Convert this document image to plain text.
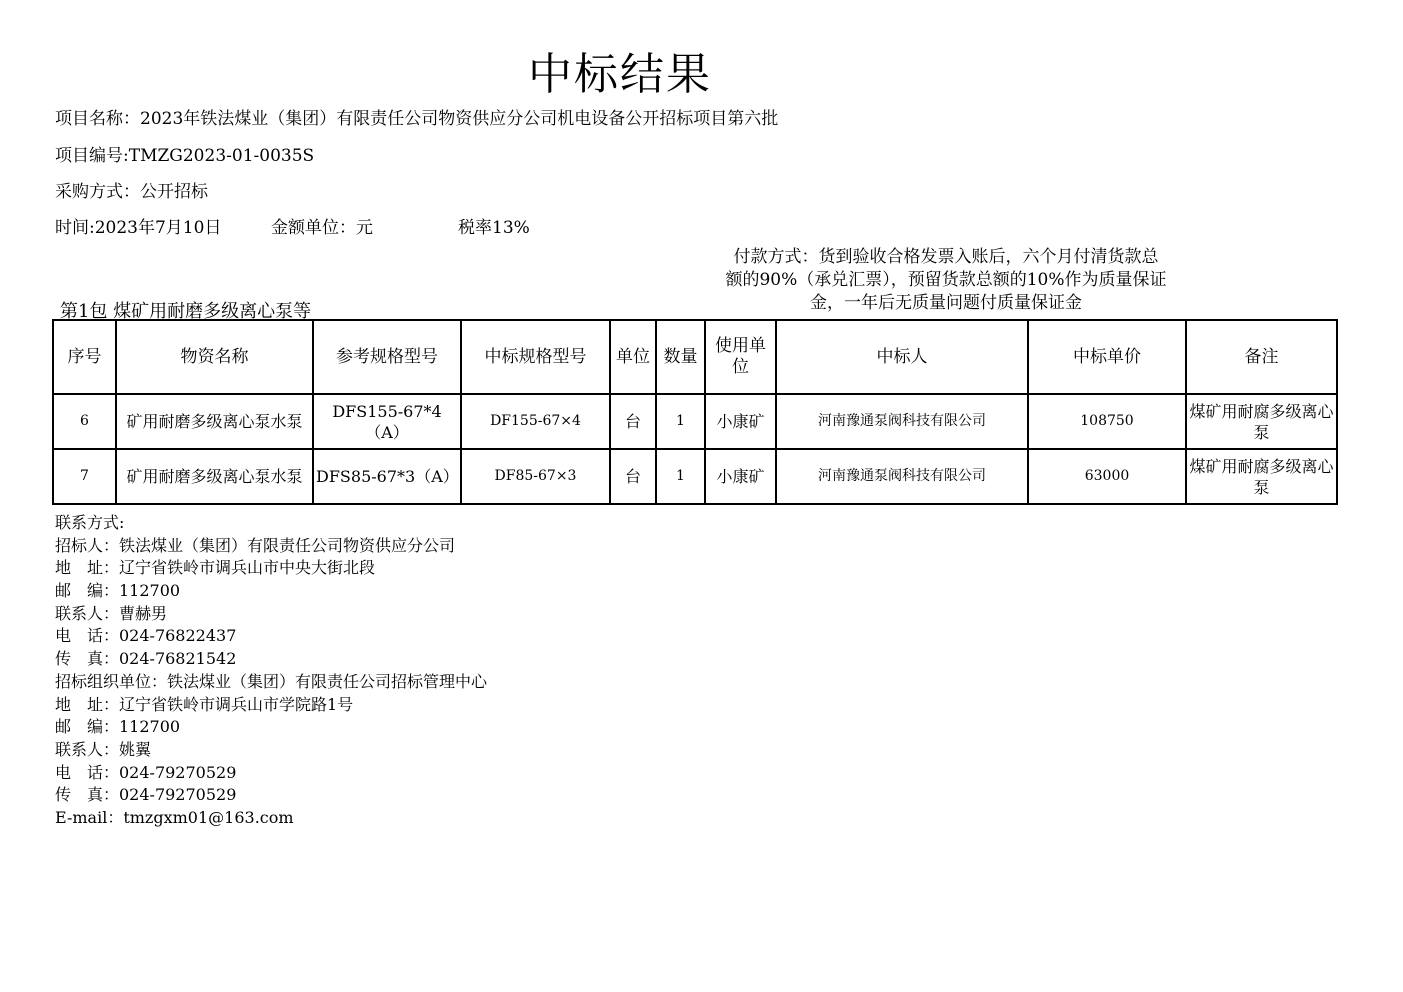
中标结果
项目名称：2023年铁法煤业（集团）有限责任公司物资供应分公司机电设备公开招标项目第六批
项目编号:TMZG2023-01-0035S
采购方式：公开招标
时间:2023年7月10日	金额单位：元	税率13%
付款方式：货到验收合格发票入账后，六个月付清货款总
额的90%（承兑汇票），预留货款总额的10%作为质量保证
金，一年后无质量问题付质量保证金
第1包 煤矿用耐磨多级离心泵等
序号	物资名称	参考规格型号	中标规格型号	单位	数量	使用单位	中标人	中标单价	备注
6	矿用耐磨多级离心泵水泵	DFS155-67*4（A）	DF155-67×4	台	1	小康矿	河南豫通泵阀科技有限公司	108750	煤矿用耐腐多级离心泵
7	矿用耐磨多级离心泵水泵	DFS85-67*3（A）	DF85-67×3	台	1	小康矿	河南豫通泵阀科技有限公司	63000	煤矿用耐腐多级离心泵
联系方式:
招标人：铁法煤业（集团）有限责任公司物资供应分公司
地　址：辽宁省铁岭市调兵山市中央大街北段
邮　编：112700
联系人：曹赫男
电　话：024-76822437
传　真：024-76821542
招标组织单位：铁法煤业（集团）有限责任公司招标管理中心
地　址：辽宁省铁岭市调兵山市学院路1号
邮　编：112700
联系人：姚翼
电　话：024-79270529
传　真：024-79270529
E-mail：tmzgxm01@163.com
